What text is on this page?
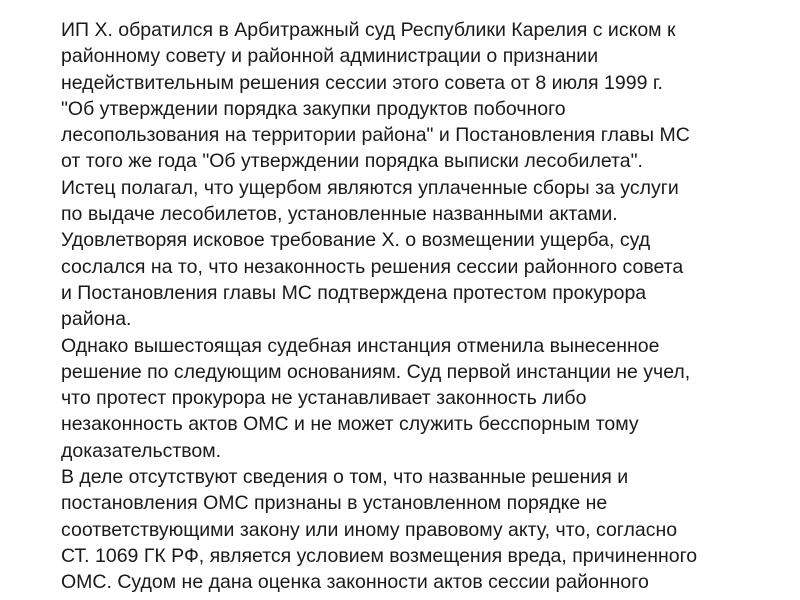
ИП Х. обратился в Арбитражный суд Республики Карелия с иском к
районному совету и районной администрации о признании
недействительным решения сессии этого совета от 8 июля 1999 г.
"Об утверждении порядка закупки продуктов побочного
лесопользования на территории района" и Постановления главы МС
от того же года "Об утверждении порядка выписки лесобилета".
Истец полагал, что ущербом являются уплаченные сборы за услуги
по выдаче лесобилетов, установленные названными актами.
Удовлетворяя исковое требование Х. о возмещении ущерба, суд
сослался на то, что незаконность решения сессии районного совета
и Постановления главы МС подтверждена протестом прокурора
района.
Однако вышестоящая судебная инстанция отменила вынесенное
решение по следующим основаниям. Суд первой инстанции не учел,
что протест прокурора не устанавливает законность либо
незаконность актов ОМС и не может служить бесспорным тому
доказательством.
В деле отсутствуют сведения о том, что названные решения и
постановления ОМС признаны в установленном порядке не
соответствующими закону или иному правовому акту, что, согласно
СТ. 1069 ГК РФ, является условием возмещения вреда, причиненного
ОМС. Судом не дана оценка законности актов сессии районного
